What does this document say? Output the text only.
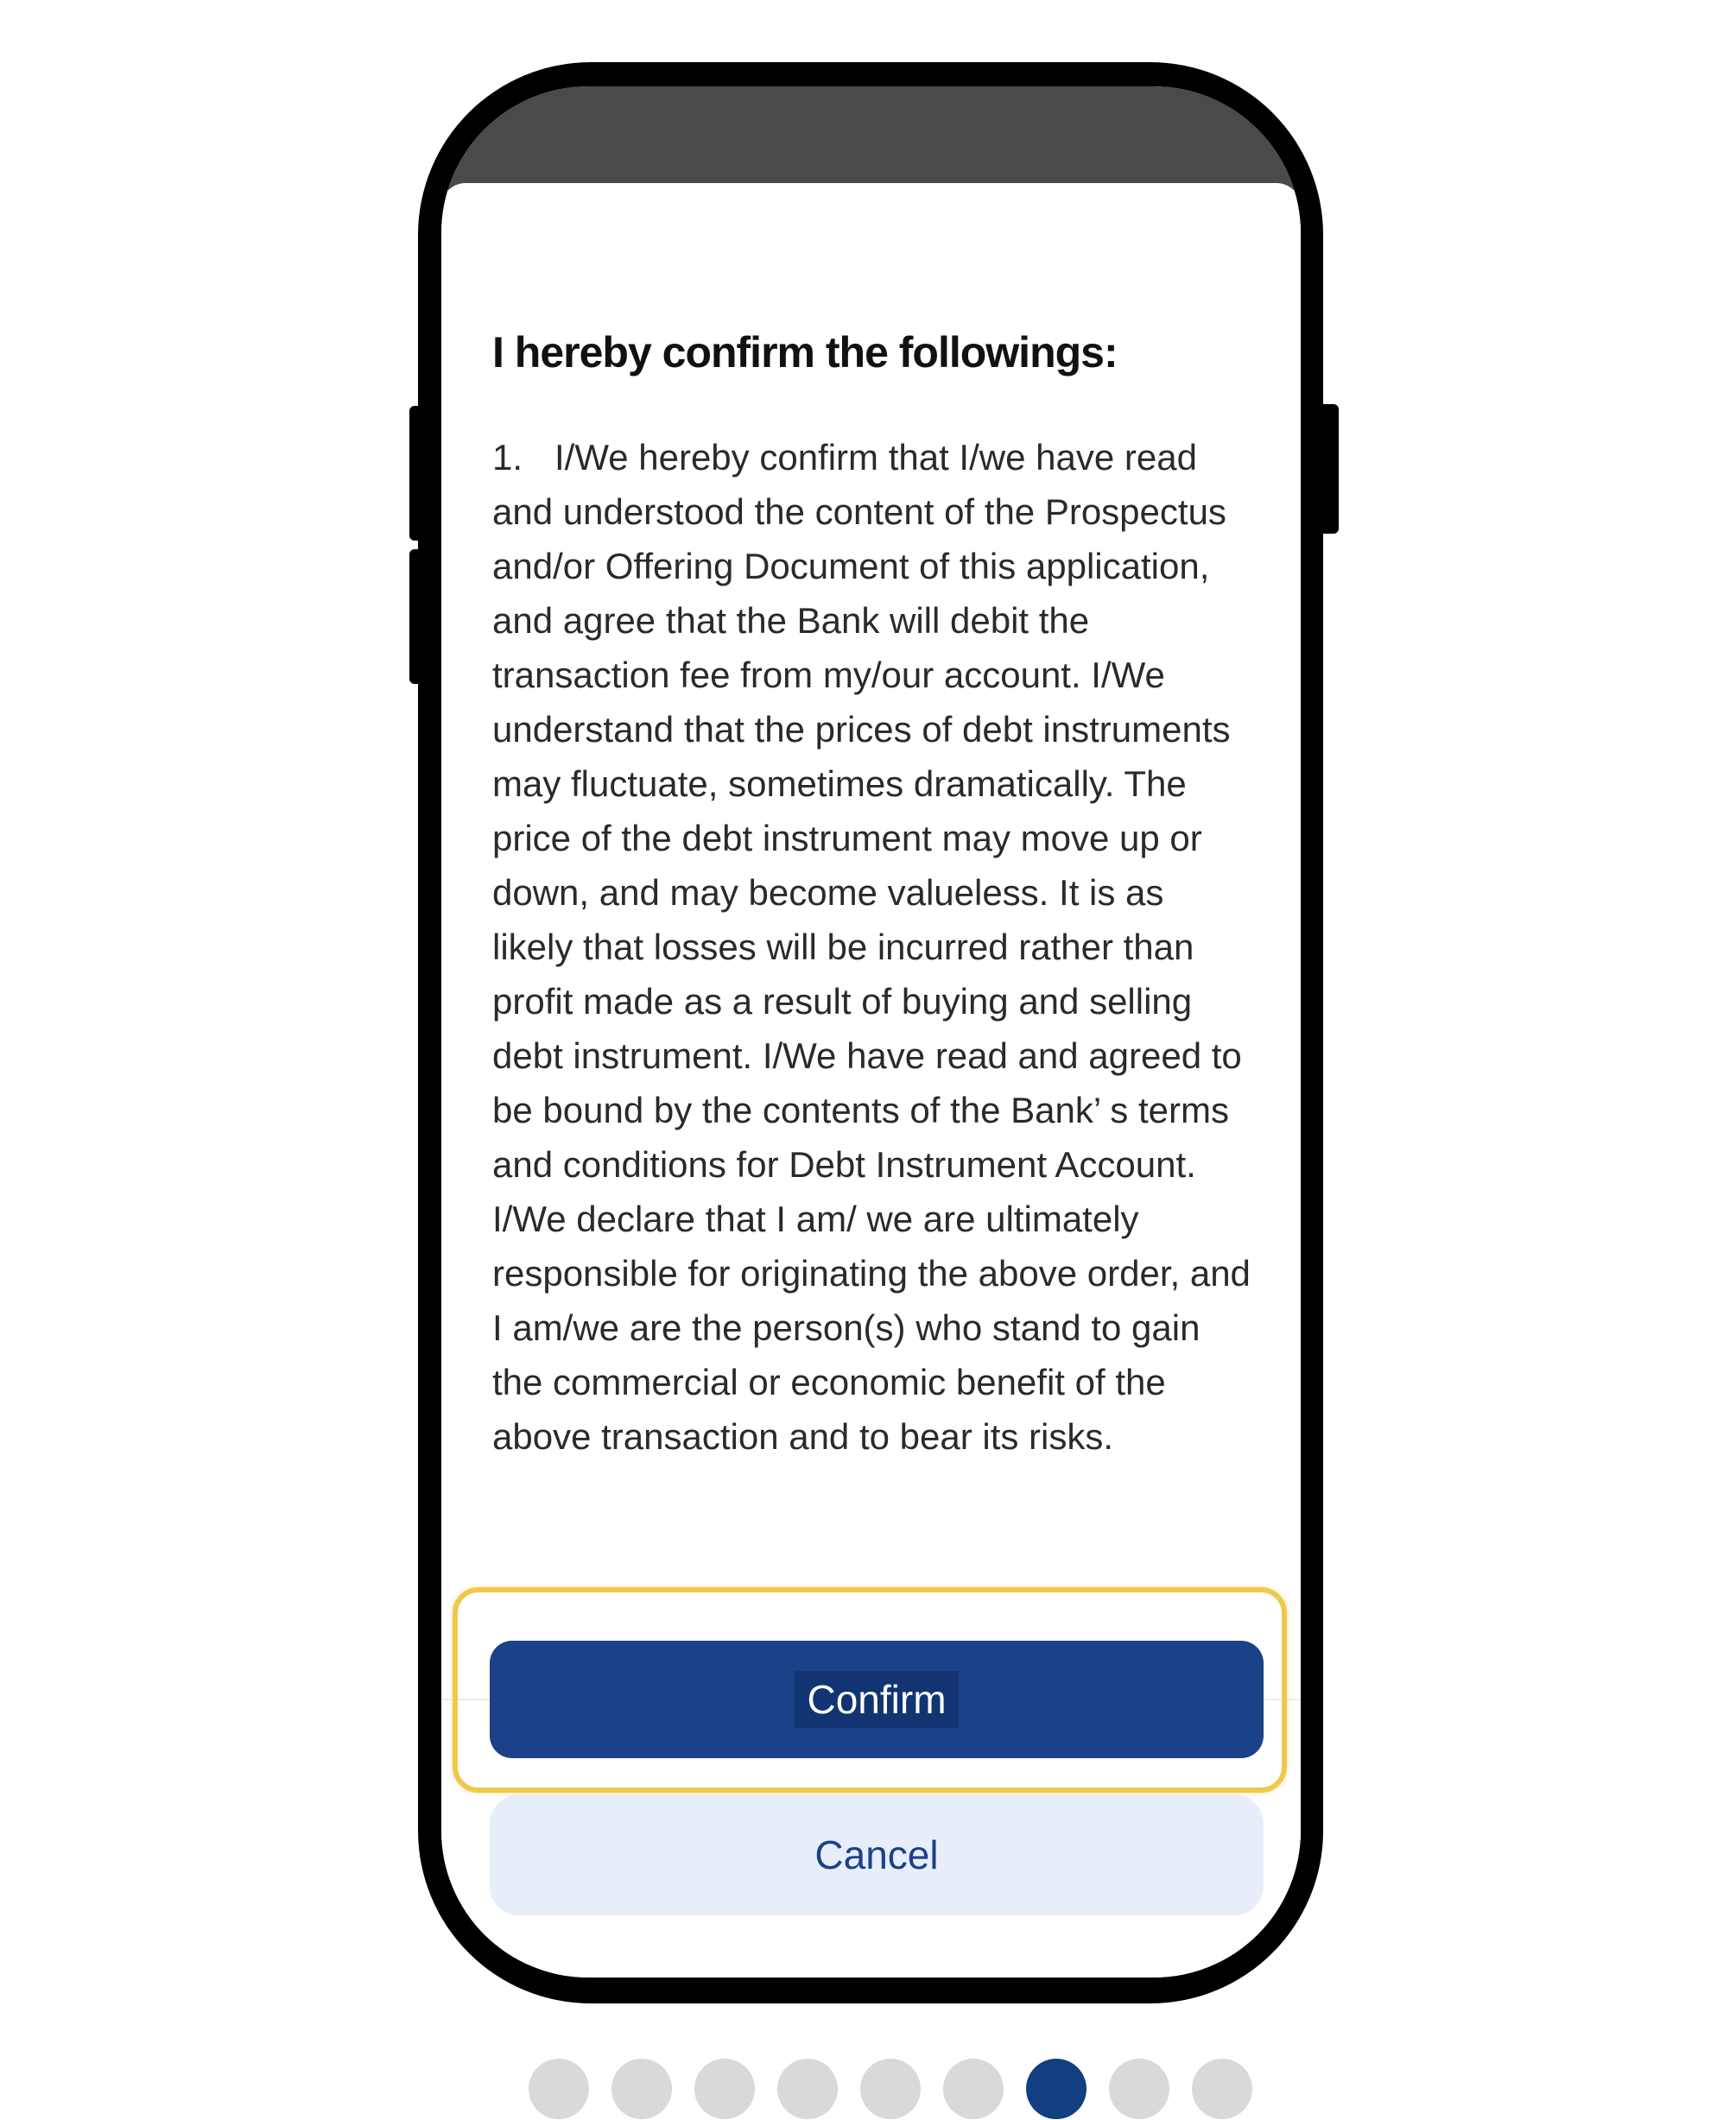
I hereby confirm the followings:

1. I/We hereby confirm that I/we have read and understood the content of the Prospectus and/or Offering Document of this application, and agree that the Bank will debit the transaction fee from my/our account. I/We understand that the prices of debt instruments may fluctuate, sometimes dramatically. The price of the debt instrument may move up or down, and may become valueless. It is as likely that losses will be incurred rather than profit made as a result of buying and selling debt instrument. I/We have read and agreed to be bound by the contents of the Bank’ s terms and conditions for Debt Instrument Account. I/We declare that I am/ we are ultimately responsible for originating the above order, and I am/we are the person(s) who stand to gain the commercial or economic benefit of the above transaction and to bear its risks.

Confirm
Cancel
